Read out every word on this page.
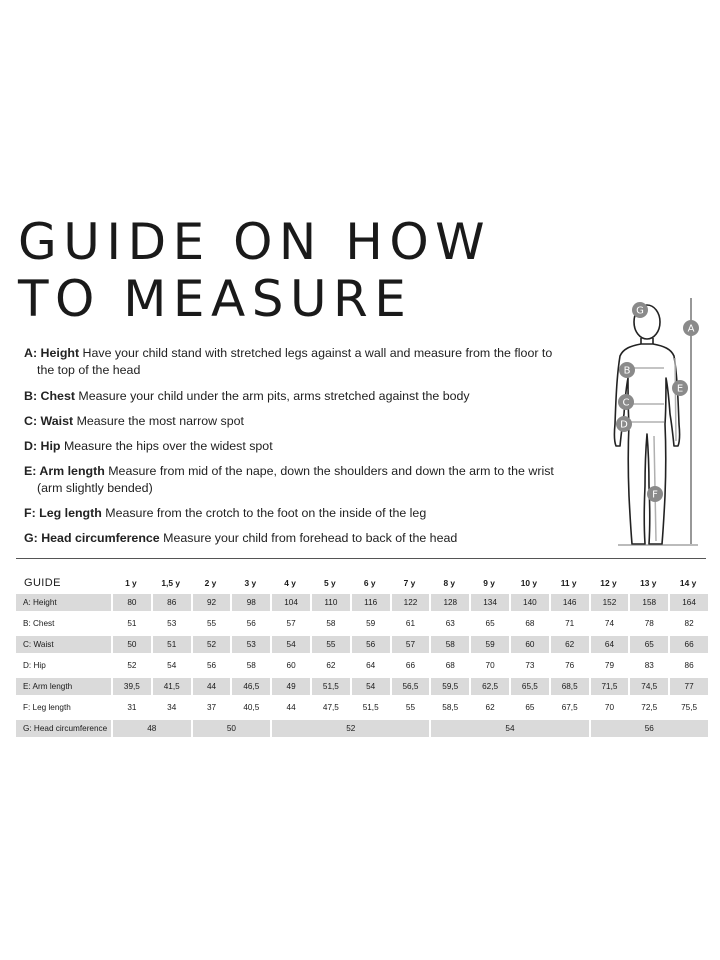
GUIDE ON HOW
TO MEASURE
A: Height Have your child stand with stretched legs against a wall and measure from the floor to the top of the head
B: Chest Measure your child under the arm pits, arms stretched against the body
C: Waist Measure the most narrow spot
D: Hip Measure the hips over the widest spot
E: Arm length Measure from mid of the nape, down the shoulders and down the arm to the wrist (arm slightly bended)
F: Leg length Measure from the crotch to the foot on the inside of the leg
G: Head circumference Measure your child from forehead to back of the head
G
A
B
E
C
D
F
GUIDE	1 y	1,5 y	2 y	3 y	4 y	5 y	6 y	7 y	8 y	9 y	10 y	11 y	12 y	13 y	14 y
A: Height	80	86	92	98	104	110	116	122	128	134	140	146	152	158	164
B: Chest	51	53	55	56	57	58	59	61	63	65	68	71	74	78	82
C: Waist	50	51	52	53	54	55	56	57	58	59	60	62	64	65	66
D: Hip	52	54	56	58	60	62	64	66	68	70	73	76	79	83	86
E: Arm length	39,5	41,5	44	46,5	49	51,5	54	56,5	59,5	62,5	65,5	68,5	71,5	74,5	77
F: Leg length	31	34	37	40,5	44	47,5	51,5	55	58,5	62	65	67,5	70	72,5	75,5
G: Head circumference	48		50		52				54				56		
